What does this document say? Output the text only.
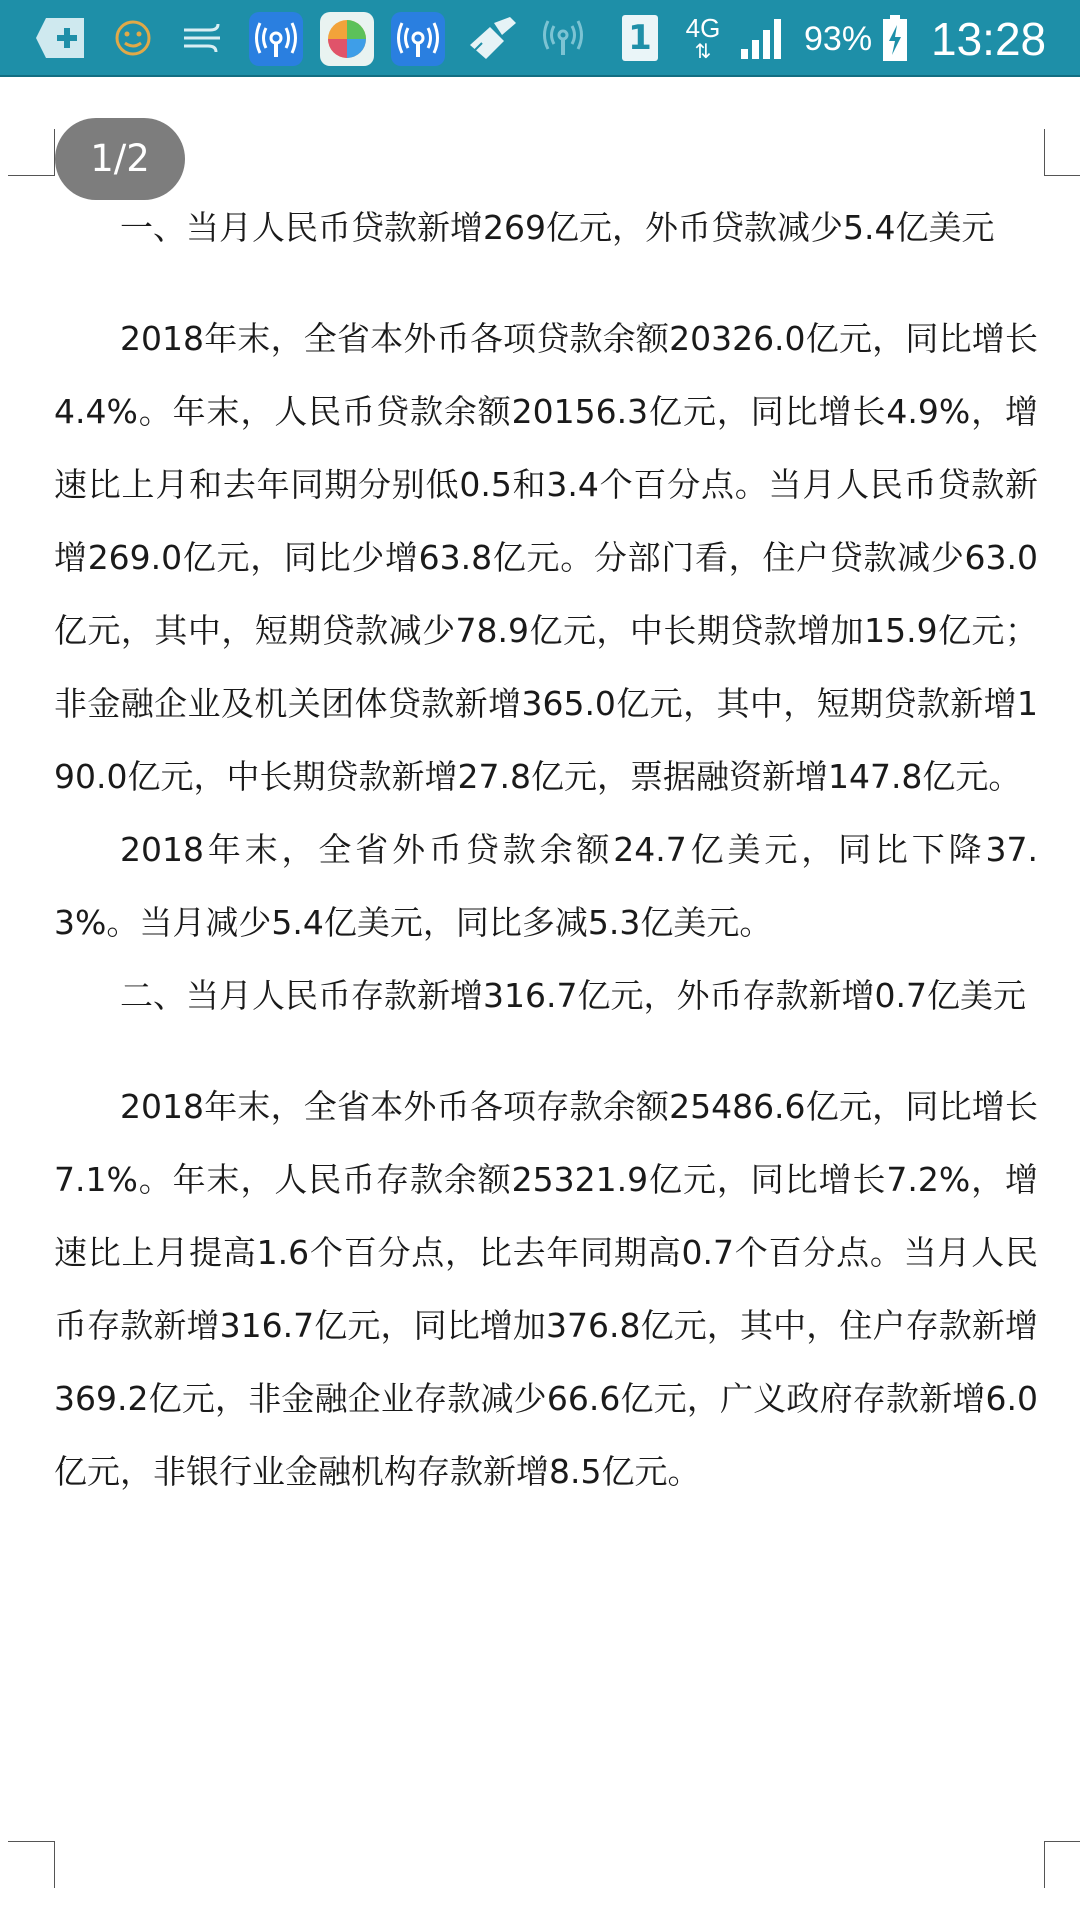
1 4G
⇅	93% 13:28
1/2

一、当月人民币贷款新增269亿元，外币贷款减少5.4亿美元

2018年末，全省本外币各项贷款余额20326.0亿元，同比增长4.4%。年末，人民币贷款余额20156.3亿元，同比增长4.9%，增速比上月和去年同期分别低0.5和3.4个百分点。当月人民币贷款新增269.0亿元，同比少增63.8亿元。分部门看，住户贷款减少63.0亿元，其中，短期贷款减少78.9亿元，中长期贷款增加15.9亿元；非金融企业及机关团体贷款新增365.0亿元，其中，短期贷款新增190.0亿元，中长期贷款新增27.8亿元，票据融资新增147.8亿元。

2018年末，全省外币贷款余额24.7亿美元，同比下降37.3%。当月减少5.4亿美元，同比多减5.3亿美元。

二、当月人民币存款新增316.7亿元，外币存款新增0.7亿美元

2018年末，全省本外币各项存款余额25486.6亿元，同比增长7.1%。年末，人民币存款余额25321.9亿元，同比增长7.2%，增速比上月提高1.6个百分点，比去年同期高0.7个百分点。当月人民币存款新增316.7亿元，同比增加376.8亿元，其中，住户存款新增369.2亿元，非金融企业存款减少66.6亿元，广义政府存款新增6.0亿元，非银行业金融机构存款新增8.5亿元。
